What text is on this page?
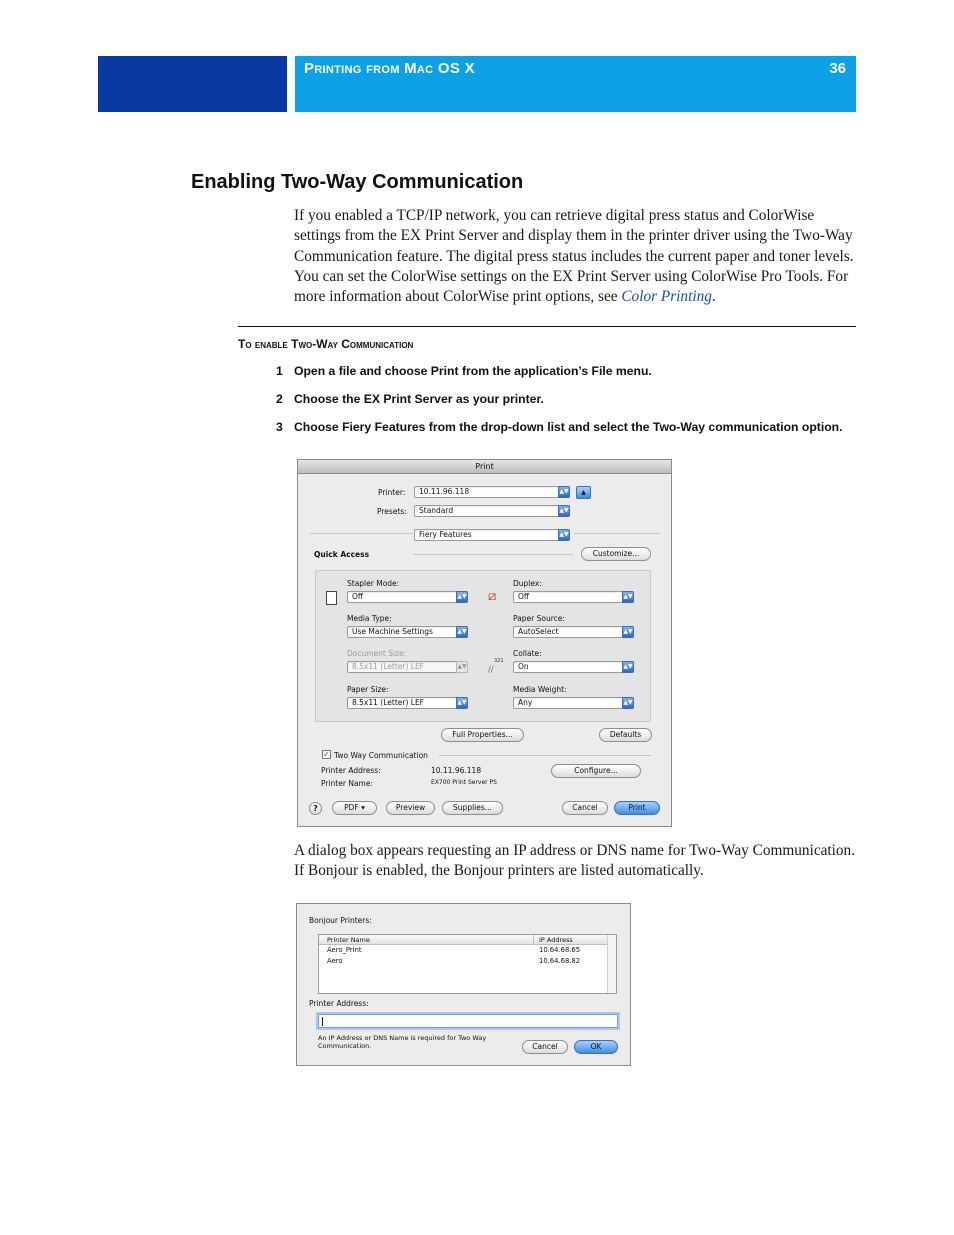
Printing from Mac OS X	36
Enabling Two-Way Communication

If you enabled a TCP/IP network, you can retrieve digital press status and ColorWise settings from the EX Print Server and display them in the printer driver using the Two-Way Communication feature. The digital press status includes the current paper and toner levels. You can set the ColorWise settings on the EX Print Server using ColorWise Pro Tools. For more information about ColorWise print options, see Color Printing.

To enable Two-Way Communication
1 Open a file and choose Print from the application’s File menu.
2 Choose the EX Print Server as your printer.
3 Choose Fiery Features from the drop-down list and select the Two-Way communication option.
Print
Printer:	10.11.96.118	▲▼	▲
Presets:	Standard	▲▼
Fiery Features	▲▼
Quick Access	Customize...
Stapler Mode:
Off	▲▼
Duplex:
⧄	Off	▲▼
Media Type:
Use Machine Settings	▲▼
Paper Source:
AutoSelect	▲▼
Document Size:
8.5x11 (Letter) LEF	▲▼
Collate:
$^{321}$
⧸⧸	On	▲▼
Paper Size:
8.5x11 (Letter) LEF	▲▼
Media Weight:
Any	▲▼
Full Properties...	Defaults
✓ Two Way Communication
Printer Address:	10.11.96.118	Configure...
Printer Name:	EX700 Print Server PS
?	PDF ▾	Preview	Supplies...	Cancel	Print

A dialog box appears requesting an IP address or DNS name for Two-Way Communication. If Bonjour is enabled, the Bonjour printers are listed automatically.

Bonjour Printers:
Printer Name	IP Address
Aero_Print	10.64.68.65
Aero	10.64.68.82
Printer Address:
An IP Address or DNS Name is required for Two Way Communication.	Cancel	OK
